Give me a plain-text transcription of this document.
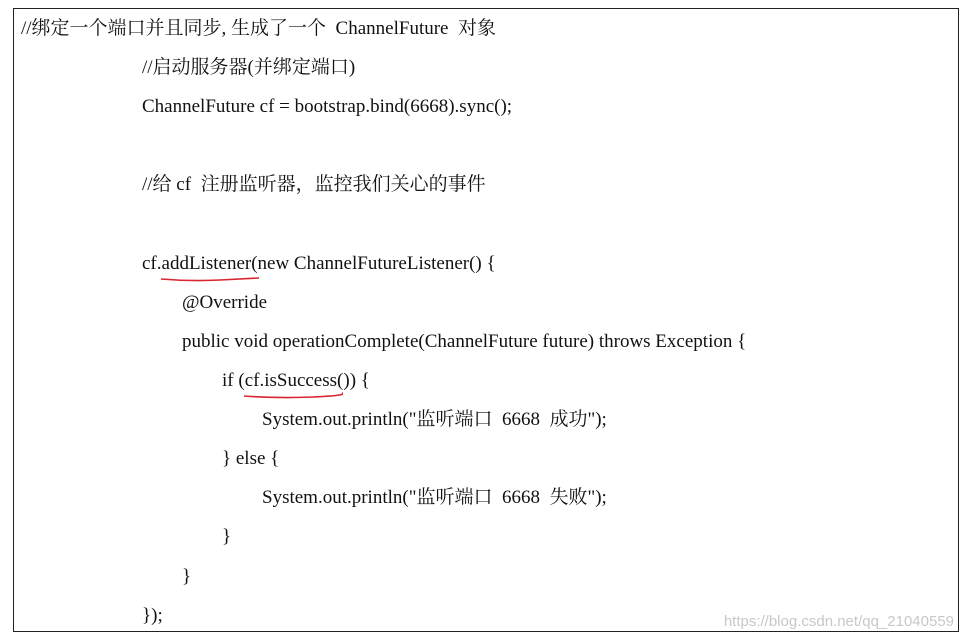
//绑定一个端口并且同步, 生成了一个  ChannelFuture  对象
//启动服务器(并绑定端口)
ChannelFuture cf = bootstrap.bind(6668).sync();
//给 cf  注册监听器，监控我们关心的事件
cf.addListener
(new ChannelFutureListener() {
@Override
public void operationComplete(ChannelFuture future) throws Exception {
if (cf.isSuccess()
) {
System.out.println("监听端口  6668  成功");
} else {
System.out.println("监听端口  6668  失败");
}
}
});	https://blog.csdn.net/qq_21040559
